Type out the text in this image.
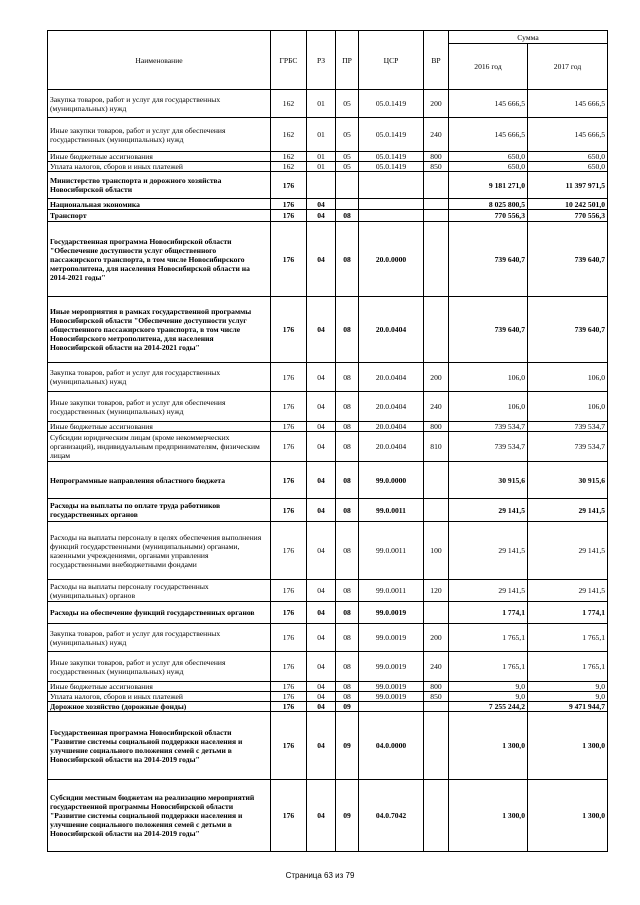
Наименование	ГРБС	РЗ	ПР	ЦСР	ВР	Сумма	
						2016 год	2017 год
Закупка товаров, работ и услуг для государственных (муниципальных) нужд	162	01	05	05.0.1419	200	145 666,5	145 666,5
Иные закупки товаров, работ и услуг для обеспечения государственных (муниципальных) нужд	162	01	05	05.0.1419	240	145 666,5	145 666,5
Иные бюджетные ассигнования	162	01	05	05.0.1419	800	650,0	650,0
Уплата налогов, сборов и иных платежей	162	01	05	05.0.1419	850	650,0	650,0
Министерство транспорта и дорожного хозяйства Новосибирской области	176					9 181 271,0	11 397 971,5
Национальная экономика	176	04				8 025 800,5	10 242 501,0
Транспорт	176	04	08			770 556,3	770 556,3
Государственная программа Новосибирской области "Обеспечение доступности услуг общественного пассажирского транспорта, в том числе Новосибирского метрополитена, для населения Новосибирской области на 2014-2021 годы"	176	04	08	20.0.0000		739 640,7	739 640,7
Иные мероприятия в рамках государственной программы Новосибирской области "Обеспечение доступности услуг общественного пассажирского транспорта, в том числе Новосибирского метрополитена, для населения Новосибирской области на 2014-2021 годы"	176	04	08	20.0.0404		739 640,7	739 640,7
Закупка товаров, работ и услуг для государственных (муниципальных) нужд	176	04	08	20.0.0404	200	106,0	106,0
Иные закупки товаров, работ и услуг для обеспечения государственных (муниципальных) нужд	176	04	08	20.0.0404	240	106,0	106,0
Иные бюджетные ассигнования	176	04	08	20.0.0404	800	739 534,7	739 534,7
Субсидии юридическим лицам (кроме некоммерческих организаций), индивидуальным предпринимателям, физическим лицам	176	04	08	20.0.0404	810	739 534,7	739 534,7
Непрограммные направления областного бюджета	176	04	08	99.0.0000		30 915,6	30 915,6
Расходы на выплаты по оплате труда работников государственных органов	176	04	08	99.0.0011		29 141,5	29 141,5
Расходы на выплаты персоналу в целях обеспечения выполнения функций государственными (муниципальными) органами, казенными учреждениями, органами управления государственными внебюджетными фондами	176	04	08	99.0.0011	100	29 141,5	29 141,5
Расходы на выплаты персоналу государственных (муниципальных) органов	176	04	08	99.0.0011	120	29 141,5	29 141,5
Расходы на обеспечение функций государственных органов	176	04	08	99.0.0019		1 774,1	1 774,1
Закупка товаров, работ и услуг для государственных (муниципальных) нужд	176	04	08	99.0.0019	200	1 765,1	1 765,1
Иные закупки товаров, работ и услуг для обеспечения государственных (муниципальных) нужд	176	04	08	99.0.0019	240	1 765,1	1 765,1
Иные бюджетные ассигнования	176	04	08	99.0.0019	800	9,0	9,0
Уплата налогов, сборов и иных платежей	176	04	08	99.0.0019	850	9,0	9,0
Дорожное хозяйство (дорожные фонды)	176	04	09			7 255 244,2	9 471 944,7
Государственная программа Новосибирской области "Развитие системы социальной поддержки населения и улучшение социального положения семей с детьми в Новосибирской области на 2014-2019 годы"	176	04	09	04.0.0000		1 300,0	1 300,0
Субсидии местным бюджетам на реализацию мероприятий государственной программы Новосибирской области "Развитие системы социальной поддержки населения и улучшение социального положения семей с детьми в Новосибирской области на 2014-2019 годы"	176	04	09	04.0.7042		1 300,0	1 300,0
Страница 63 из 79
